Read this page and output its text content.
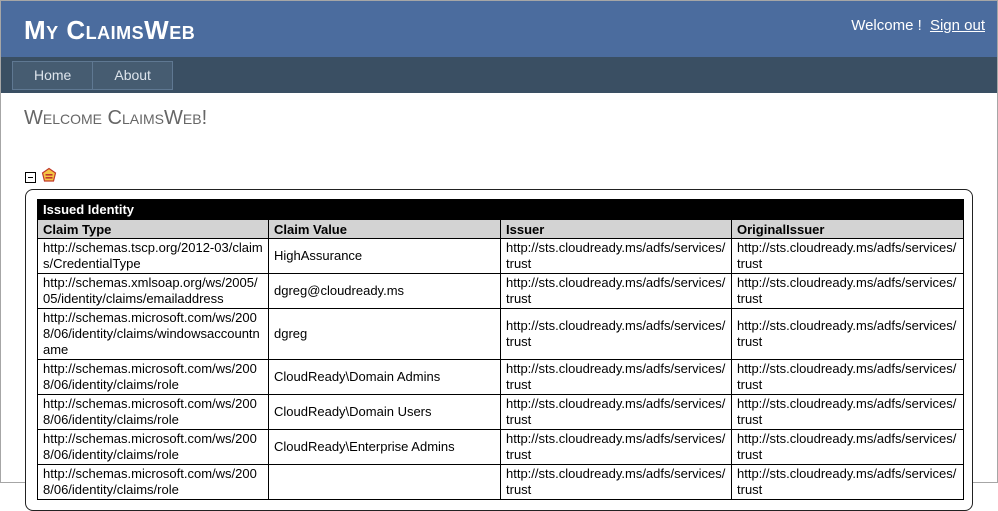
My ClaimsWeb	Welcome ! Sign out
Home	About
Welcome ClaimsWeb!
Issued Identity			
Claim Type	Claim Value	Issuer	OriginalIssuer
http://schemas.tscp.org/2012-03/claims/CredentialType	HighAssurance	http://sts.cloudready.ms/adfs/services/trust	http://sts.cloudready.ms/adfs/services/trust
http://schemas.xmlsoap.org/ws/2005/05/identity/claims/emailaddress	dgreg@cloudready.ms	http://sts.cloudready.ms/adfs/services/trust	http://sts.cloudready.ms/adfs/services/trust
http://schemas.microsoft.com/ws/2008/06/identity/claims/windowsaccountname	dgreg	http://sts.cloudready.ms/adfs/services/trust	http://sts.cloudready.ms/adfs/services/trust
http://schemas.microsoft.com/ws/2008/06/identity/claims/role	CloudReady\Domain Admins	http://sts.cloudready.ms/adfs/services/trust	http://sts.cloudready.ms/adfs/services/trust
http://schemas.microsoft.com/ws/2008/06/identity/claims/role	CloudReady\Domain Users	http://sts.cloudready.ms/adfs/services/trust	http://sts.cloudready.ms/adfs/services/trust
http://schemas.microsoft.com/ws/2008/06/identity/claims/role	CloudReady\Enterprise Admins	http://sts.cloudready.ms/adfs/services/trust	http://sts.cloudready.ms/adfs/services/trust
http://schemas.microsoft.com/ws/2008/06/identity/claims/role		http://sts.cloudready.ms/adfs/services/trust	http://sts.cloudready.ms/adfs/services/trust
